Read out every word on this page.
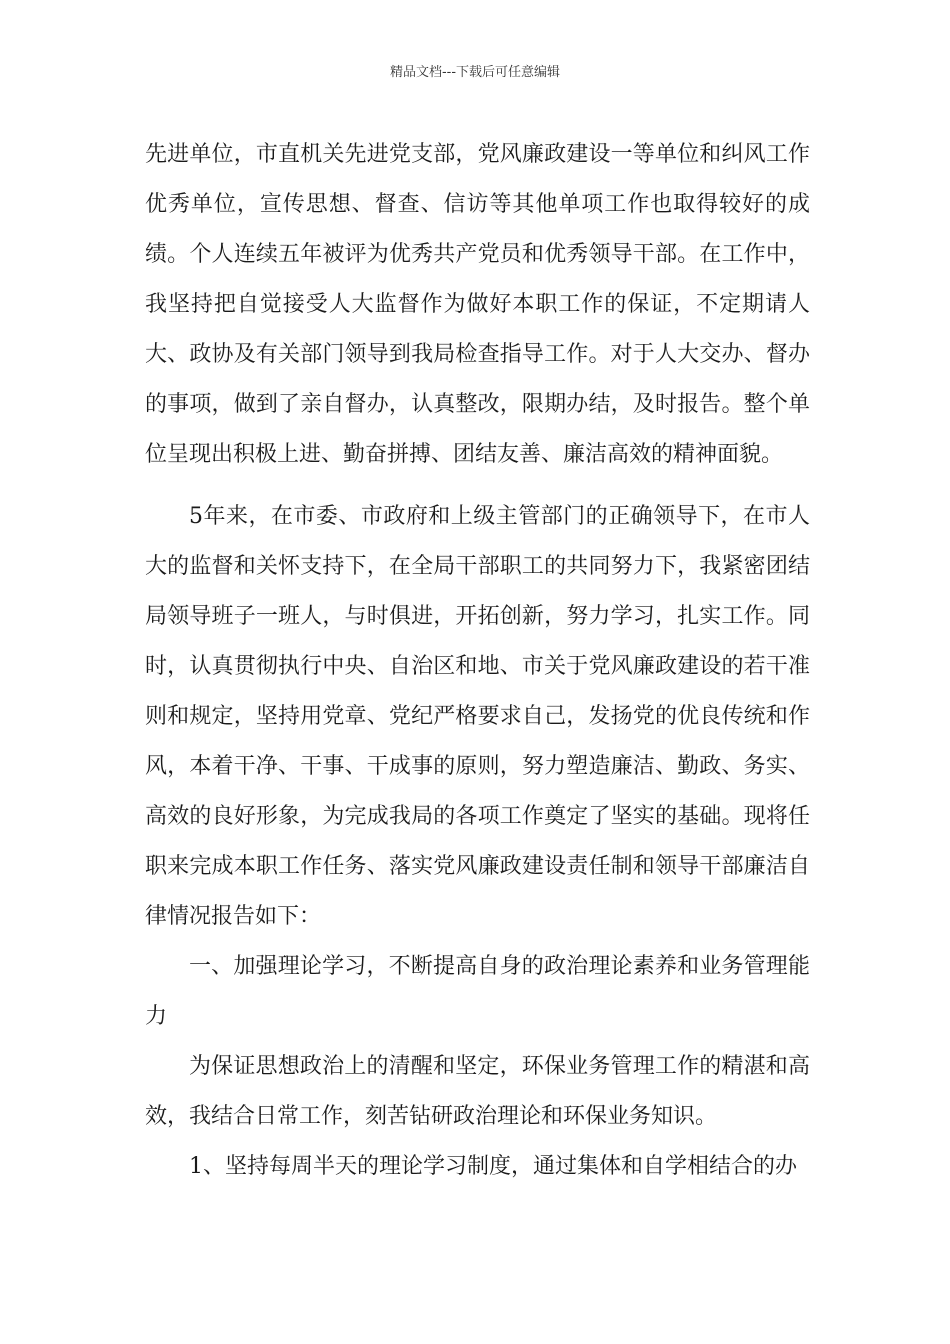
精品文档---下载后可任意编辑

先进单位，市直机关先进党支部，党风廉政建设一等单位和纠风工作优秀单位，宣传思想、督查、信访等其他单项工作也取得较好的成绩。个人连续五年被评为优秀共产党员和优秀领导干部。在工作中，我坚持把自觉接受人大监督作为做好本职工作的保证，不定期请人大、政协及有关部门领导到我局检查指导工作。对于人大交办、督办的事项，做到了亲自督办，认真整改，限期办结，及时报告。整个单位呈现出积极上进、勤奋拼搏、团结友善、廉洁高效的精神面貌。

5年来，在市委、市政府和上级主管部门的正确领导下，在市人大的监督和关怀支持下，在全局干部职工的共同努力下，我紧密团结局领导班子一班人，与时俱进，开拓创新，努力学习，扎实工作。同时，认真贯彻执行中央、自治区和地、市关于党风廉政建设的若干准则和规定，坚持用党章、党纪严格要求自己，发扬党的优良传统和作风，本着干净、干事、干成事的原则，努力塑造廉洁、勤政、务实、高效的良好形象，为完成我局的各项工作奠定了坚实的基础。现将任职来完成本职工作任务、落实党风廉政建设责任制和领导干部廉洁自律情况报告如下：

一、加强理论学习，不断提高自身的政治理论素养和业务管理能力

为保证思想政治上的清醒和坚定，环保业务管理工作的精湛和高效，我结合日常工作，刻苦钻研政治理论和环保业务知识。

1、坚持每周半天的理论学习制度，通过集体和自学相结合的办
